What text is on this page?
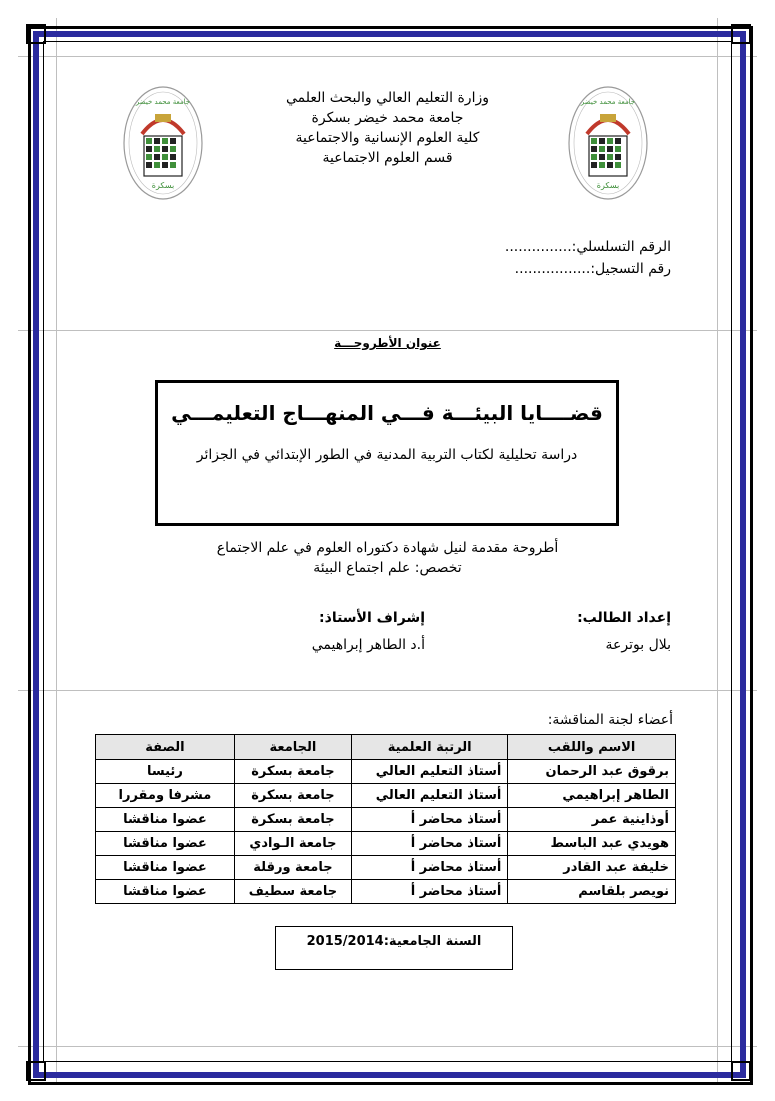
جامعة محمد خيضر
بسكرة
جامعة محمد خيضر
بسكرة
وزارة التعليم العالي والبحث العلمي
جامعة محمد خيضر بسكرة
كلية العلوم الإنسانية والاجتماعية
قسم العلوم الاجتماعية
الرقم التسلسلي:...............
رقم التسجيل:.................
عنوان الأطروحـــة
قضــــايا البيئـــة فـــي المنهـــاج التعليمـــي
دراسة تحليلية لكتاب التربية المدنية في الطور الإبتدائي في الجزائر
أطروحة مقدمة لنيل شهادة دكتوراه العلوم في علم الاجتماع
تخصص: علم اجتماع البيئة
إعداد الطالب:
بلال بوترعة
إشراف الأستاذ:
أ.د الطاهر إبراهيمي
أعضاء لجنة المناقشة:
الاسم واللقب	الرتبة العلمية	الجامعة	الصفة
برقوق عبد الرحمان	أستاذ التعليم العالي	جامعة بسكرة	رئيسا
الطاهر إبراهيمي	أستاذ التعليم العالي	جامعة بسكرة	مشرفا ومقررا
أوذاينية عمر	أستاذ محاضر أ	جامعة بسكرة	عضوا مناقشا
هويدي عبد الباسط	أستاذ محاضر أ	جامعة الـوادي	عضوا مناقشا
خليفة عبد القادر	أستاذ محاضر أ	جامعة ورقلة	عضوا مناقشا
نويصر بلقاسم	أستاذ محاضر أ	جامعة سطيف	عضوا مناقشا
السنة الجامعية:2015/2014
